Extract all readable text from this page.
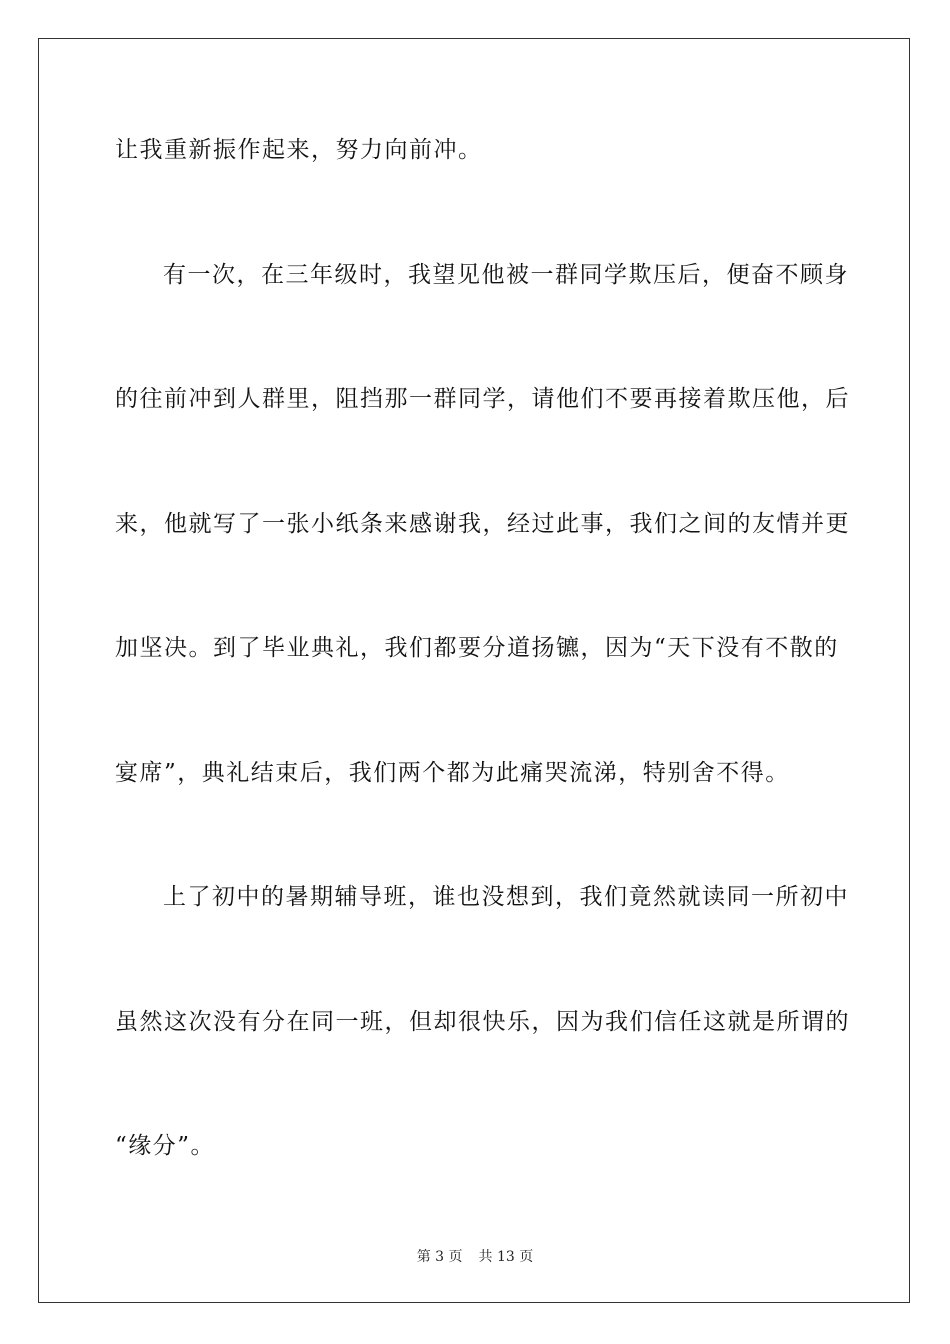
让我重新振作起来，努力向前冲。
有一次，在三年级时，我望见他被一群同学欺压后，便奋不顾身
的往前冲到人群里，阻挡那一群同学，请他们不要再接着欺压他，后
来，他就写了一张小纸条来感谢我，经过此事，我们之间的友情并更
加坚决。到了毕业典礼，我们都要分道扬镳，因为“天下没有不散的
宴席”，典礼结束后，我们两个都为此痛哭流涕，特别舍不得。
上了初中的暑期辅导班，谁也没想到，我们竟然就读同一所初中
虽然这次没有分在同一班，但却很快乐，因为我们信任这就是所谓的
“缘分”。
第 3 页 共 13 页
